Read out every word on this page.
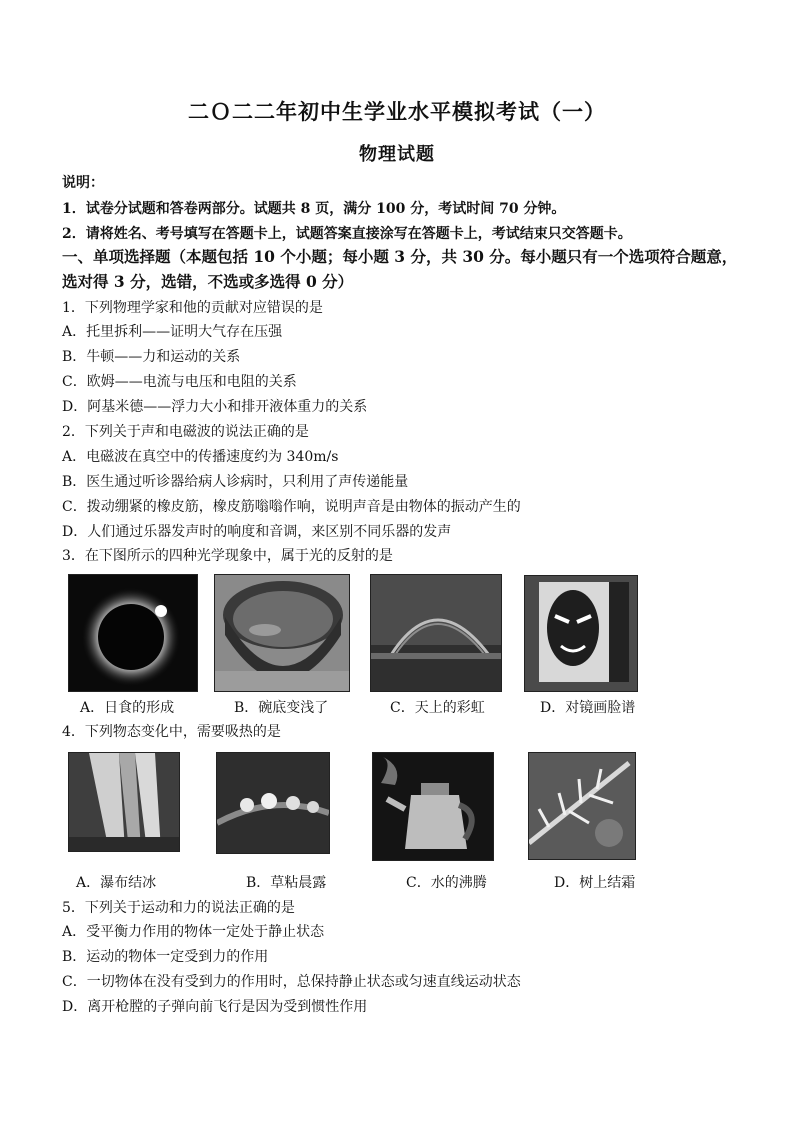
二Ｏ二二年初中生学业水平模拟考试（一）
物理试题
说明：
1．试卷分试题和答卷两部分。试题共 8 页，满分 100 分，考试时间 70 分钟。
2．请将姓名、考号填写在答题卡上，试题答案直接涂写在答题卡上，考试结束只交答题卡。
一、单项选择题（本题包括 10 个小题；每小题 3 分，共 30 分。每小题只有一个选项符合题意，
选对得 3 分，选错，不选或多选得 0 分）
1．下列物理学家和他的贡献对应错误的是
A．托里拆利——证明大气存在压强
B．牛顿——力和运动的关系
C．欧姆——电流与电压和电阻的关系
D．阿基米德——浮力大小和排开液体重力的关系
2．下列关于声和电磁波的说法正确的是
A．电磁波在真空中的传播速度约为 340m/s
B．医生通过听诊器给病人诊病时，只利用了声传递能量
C．拨动绷紧的橡皮筋，橡皮筋嗡嗡作响，说明声音是由物体的振动产生的
D．人们通过乐器发声时的响度和音调，来区别不同乐器的发声
3．在下图所示的四种光学现象中，属于光的反射的是
A．日食的形成	B．碗底变浅了	C．天上的彩虹	D．对镜画脸谱
4．下列物态变化中，需要吸热的是
A．瀑布结冰	B．草粘晨露	C．水的沸腾	D．树上结霜
5．下列关于运动和力的说法正确的是
A．受平衡力作用的物体一定处于静止状态
B．运动的物体一定受到力的作用
C．一切物体在没有受到力的作用时，总保持静止状态或匀速直线运动状态
D．离开枪膛的子弹向前飞行是因为受到惯性作用
